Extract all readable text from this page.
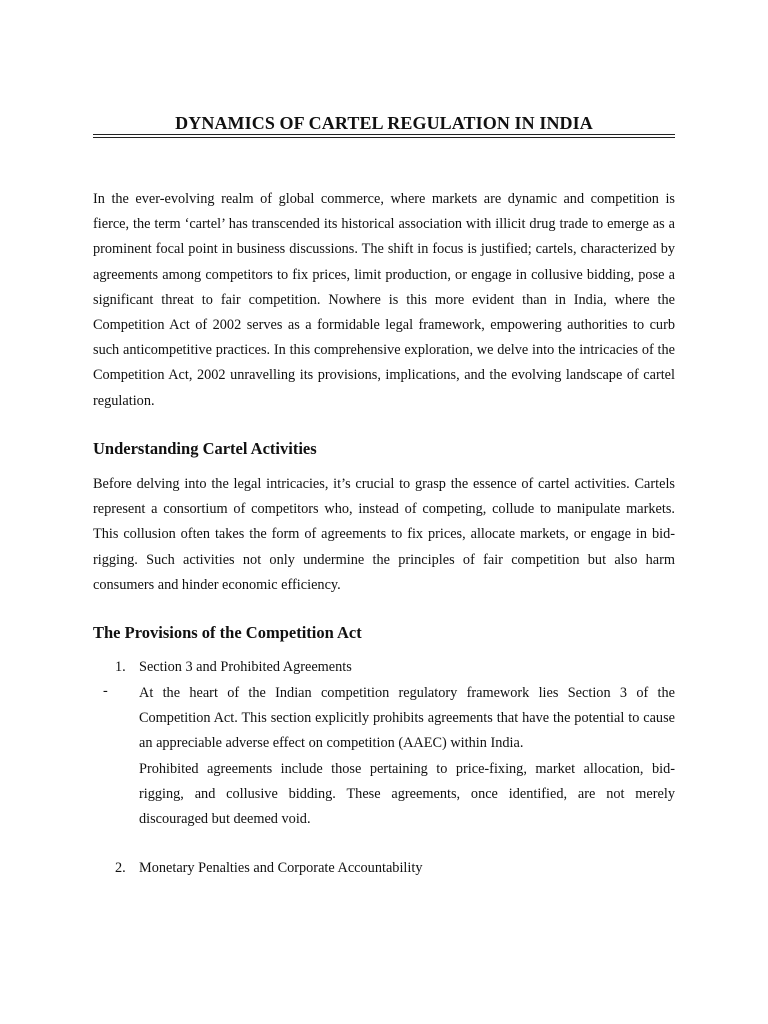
DYNAMICS OF CARTEL REGULATION IN INDIA

In the ever-evolving realm of global commerce, where markets are dynamic and competition is fierce, the term ‘cartel’ has transcended its historical association with illicit drug trade to emerge as a prominent focal point in business discussions. The shift in focus is justified; cartels, characterized by agreements among competitors to fix prices, limit production, or engage in collusive bidding, pose a significant threat to fair competition. Nowhere is this more evident than in India, where the Competition Act of 2002 serves as a formidable legal framework, empowering authorities to curb such anticompetitive practices. In this comprehensive exploration, we delve into the intricacies of the Competition Act, 2002 unravelling its provisions, implications, and the evolving landscape of cartel regulation.

Understanding Cartel Activities

Before delving into the legal intricacies, it’s crucial to grasp the essence of cartel activities. Cartels represent a consortium of competitors who, instead of competing, collude to manipulate markets. This collusion often takes the form of agreements to fix prices, allocate markets, or engage in bid-rigging. Such activities not only undermine the principles of fair competition but also harm consumers and hinder economic efficiency.

The Provisions of the Competition Act
1. Section 3 and Prohibited Agreements
- At the heart of the Indian competition regulatory framework lies Section 3 of the Competition Act. This section explicitly prohibits agreements that have the potential to cause an appreciable adverse effect on competition (AAEC) within India.

Prohibited agreements include those pertaining to price-fixing, market allocation, bid-rigging, and collusive bidding. These agreements, once identified, are not merely discouraged but deemed void.

2. Monetary Penalties and Corporate Accountability
